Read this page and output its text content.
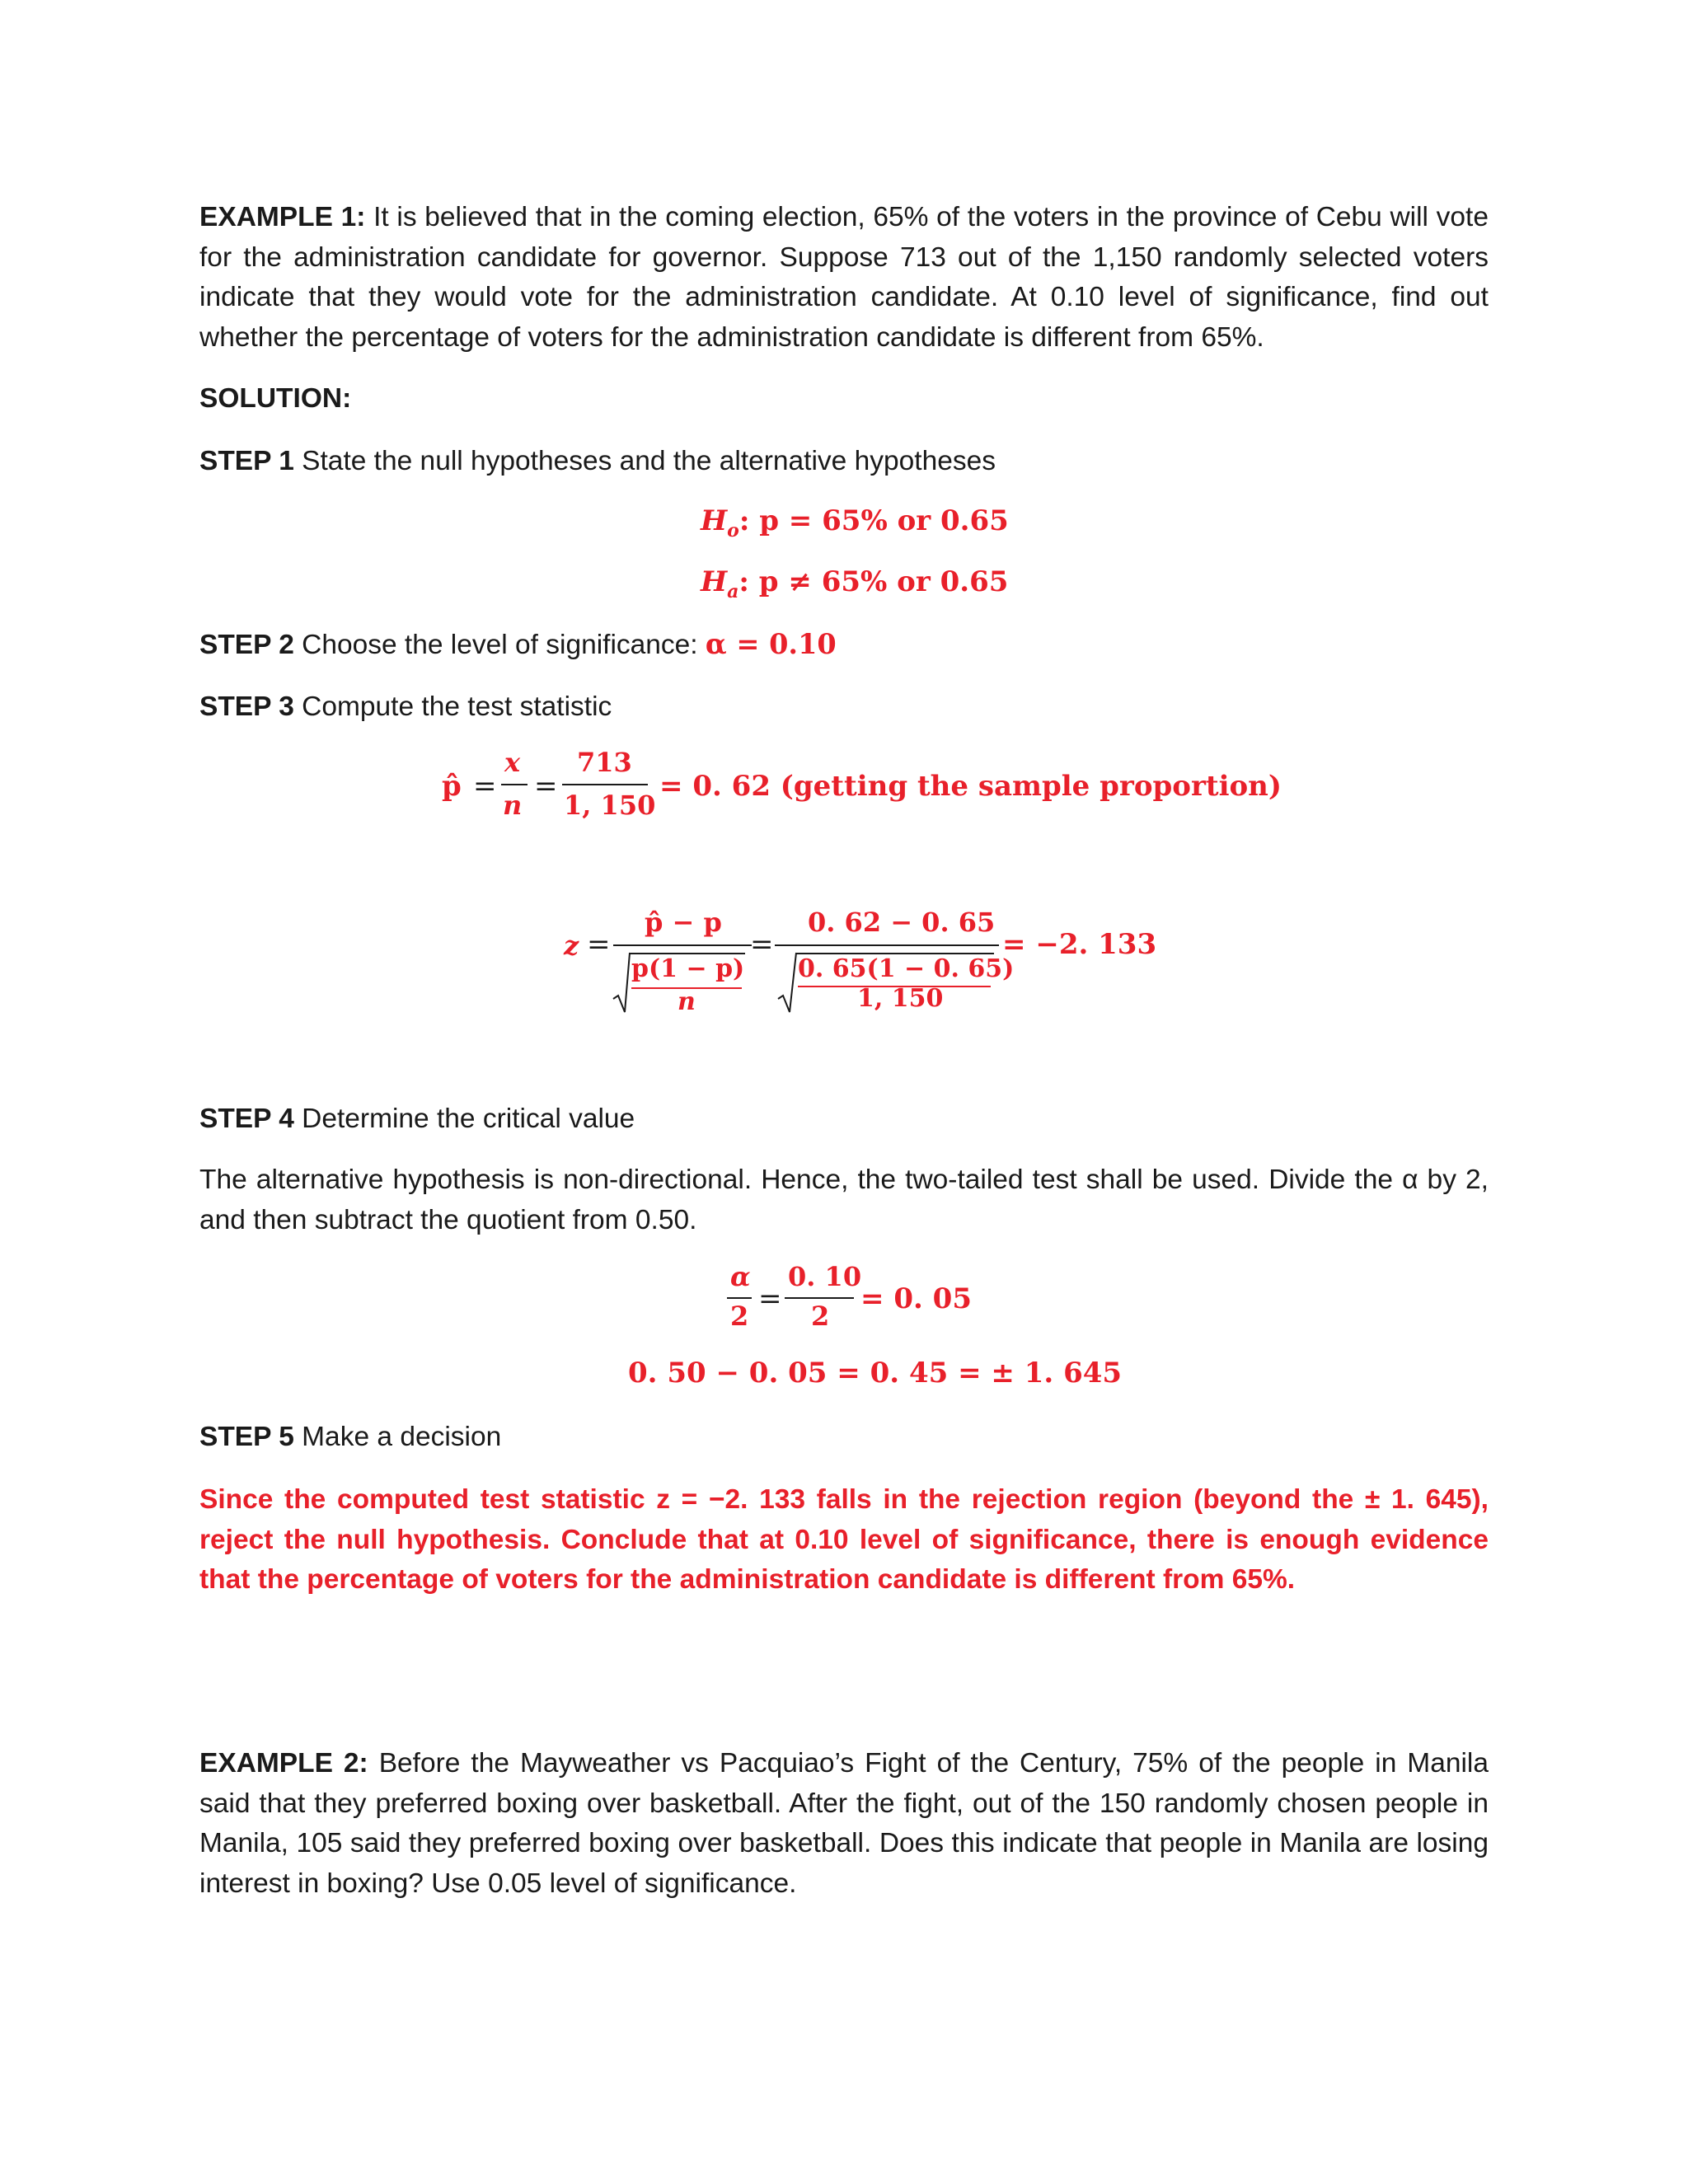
EXAMPLE 1: It is believed that in the coming election, 65% of the voters in the province of Cebu will vote for the administration candidate for governor. Suppose 713 out of the 1,150 randomly selected voters indicate that they would vote for the administration candidate. At 0.10 level of significance, find out whether the percentage of voters for the administration candidate is different from 65%.

SOLUTION:
STEP 1 State the null hypotheses and the alternative hypotheses
$H_o$: p = 65% or 0.65
$H_a$: p ≠ 65% or 0.65
STEP 2 Choose the level of significance: α = 0.10
STEP 3 Compute the test statistic
p̂ =
x
n
=
713
1, 150
= 0. 62 (getting the sample proportion)
z =
p̂ − p
p(1 − p)
n
=
0. 62 − 0. 65
0. 65(1 − 0. 65)
1, 150
= −2. 133
STEP 4 Determine the critical value

The alternative hypothesis is non-directional. Hence, the two-tailed test shall be used. Divide the α by 2, and then subtract the quotient from 0.50.

α
2
=
0. 10
2
= 0. 05
0. 50 − 0. 05 = 0. 45 = ± 1. 645
STEP 5 Make a decision

Since the computed test statistic z = −2. 133 falls in the rejection region (beyond the ± 1. 645), reject the null hypothesis. Conclude that at 0.10 level of significance, there is enough evidence that the percentage of voters for the administration candidate is different from 65%.

EXAMPLE 2: Before the Mayweather vs Pacquiao’s Fight of the Century, 75% of the people in Manila said that they preferred boxing over basketball. After the fight, out of the 150 randomly chosen people in Manila, 105 said they preferred boxing over basketball. Does this indicate that people in Manila are losing interest in boxing? Use 0.05 level of significance.
